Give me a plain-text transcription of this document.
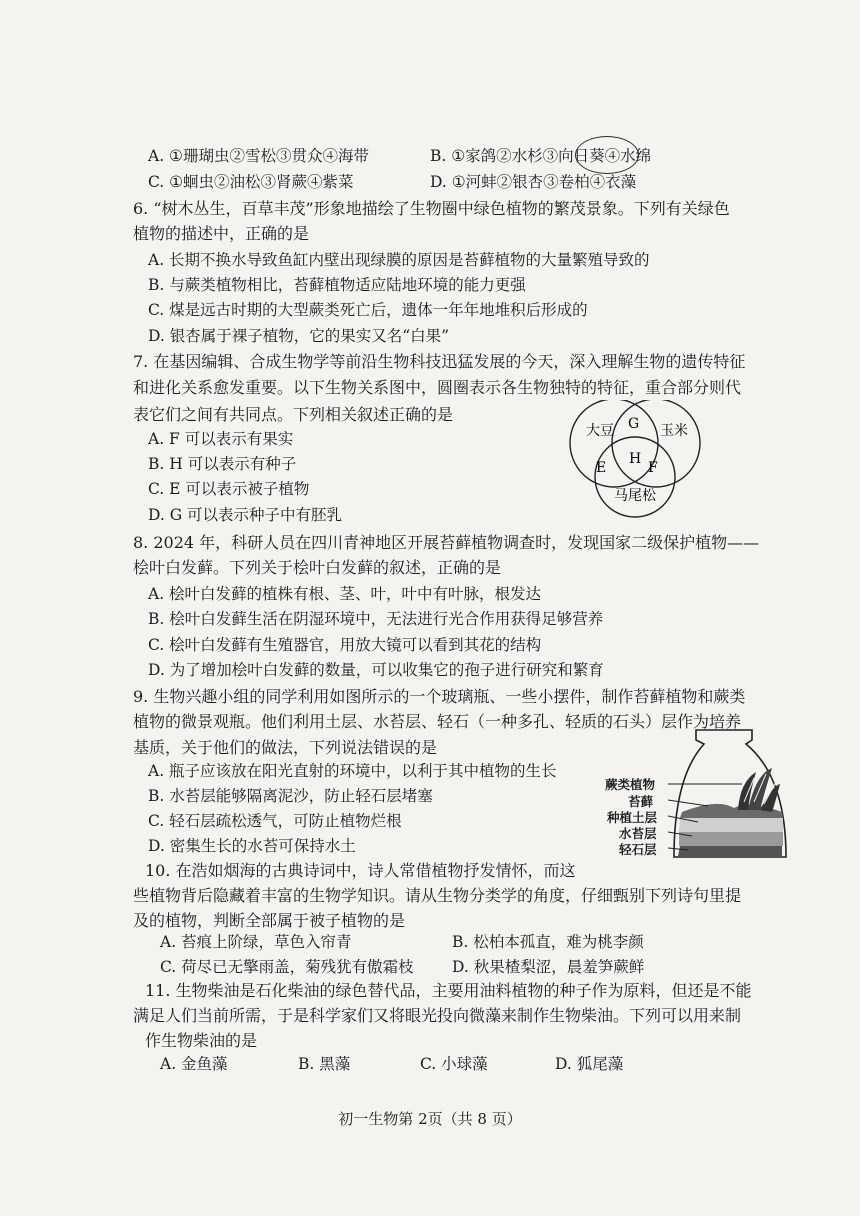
A. ①珊瑚虫②雪松③贯众④海带	B. ①家鸽②水杉③向日葵④水绵
C. ①蛔虫②油松③肾蕨④紫菜	D. ①河蚌②银杏③卷柏④衣藻
6. “树木丛生，百草丰茂”形象地描绘了生物圈中绿色植物的繁茂景象。下列有关绿色
植物的描述中，正确的是
A. 长期不换水导致鱼缸内壁出现绿膜的原因是苔藓植物的大量繁殖导致的
B. 与蕨类植物相比，苔藓植物适应陆地环境的能力更强
C. 煤是远古时期的大型蕨类死亡后，遗体一年年地堆积后形成的
D. 银杏属于裸子植物，它的果实又名“白果”
7. 在基因编辑、合成生物学等前沿生物科技迅猛发展的今天，深入理解生物的遗传特征
和进化关系愈发重要。以下生物关系图中，圆圈表示各生物独特的特征，重合部分则代
表它们之间有共同点。下列相关叙述正确的是
A. F 可以表示有果实
B. H 可以表示有种子
C. E 可以表示被子植物
D. G 可以表示种子中有胚乳
大豆 G 玉米
H
E	F
马尾松
8. 2024 年，科研人员在四川青神地区开展苔藓植物调查时，发现国家二级保护植物——
桧叶白发藓。下列关于桧叶白发藓的叙述，正确的是
A. 桧叶白发藓的植株有根、茎、叶，叶中有叶脉，根发达
B. 桧叶白发藓生活在阴湿环境中，无法进行光合作用获得足够营养
C. 桧叶白发藓有生殖器官，用放大镜可以看到其花的结构
D. 为了增加桧叶白发藓的数量，可以收集它的孢子进行研究和繁育
9. 生物兴趣小组的同学利用如图所示的一个玻璃瓶、一些小摆件，制作苔藓植物和蕨类
植物的微景观瓶。他们利用土层、水苔层、轻石（一种多孔、轻质的石头）层作为培养
基质，关于他们的做法，下列说法错误的是
A. 瓶子应该放在阳光直射的环境中，以利于其中植物的生长
B. 水苔层能够隔离泥沙，防止轻石层堵塞
C. 轻石层疏松透气，可防止植物烂根
D. 密集生长的水苔可保持水土
蕨类植物
苔藓
种植土层
水苔层
轻石层
10. 在浩如烟海的古典诗词中，诗人常借植物抒发情怀，而这
些植物背后隐藏着丰富的生物学知识。请从生物分类学的角度，仔细甄别下列诗句里提
及的植物，判断全部属于被子植物的是
A. 苔痕上阶绿，草色入帘青	B. 松柏本孤直，难为桃李颜
C. 荷尽已无擎雨盖，菊残犹有傲霜枝 D. 秋果楂梨涩，晨羞笋蕨鲜
11. 生物柴油是石化柴油的绿色替代品，主要用油料植物的种子作为原料，但还是不能
满足人们当前所需，于是科学家们又将眼光投向微藻来制作生物柴油。下列可以用来制
作生物柴油的是
A. 金鱼藻	B. 黑藻	C. 小球藻	D. 狐尾藻
初一生物第 2页（共 8 页）
